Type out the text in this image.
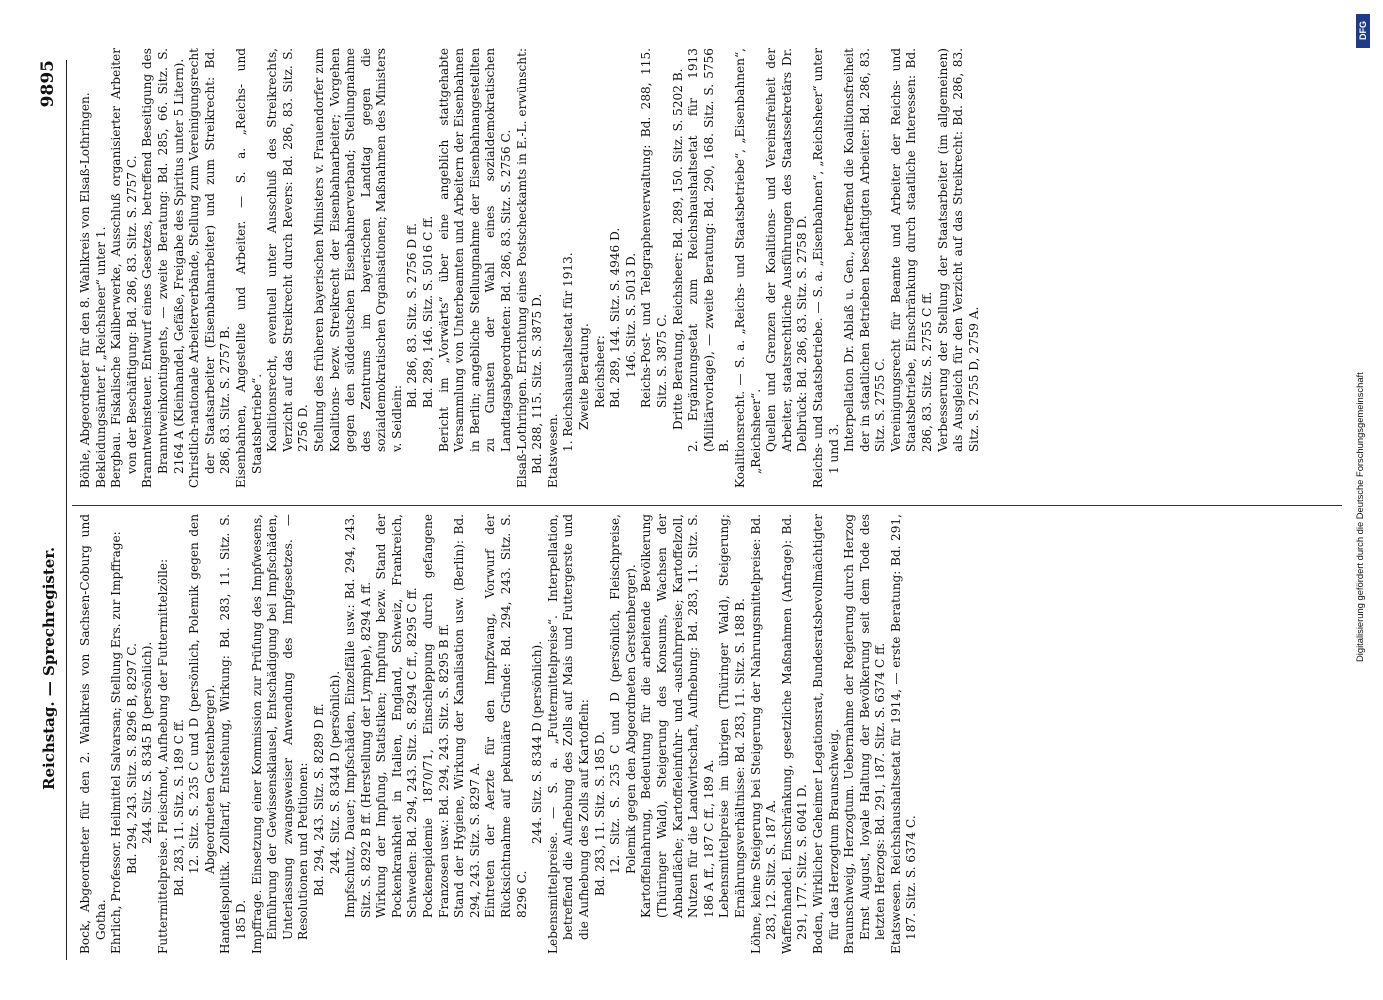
Reichstag. — Sprechregister.
9895

Bock, Abgeordneter für den 2. Wahlkreis von Sachsen-Coburg und Gotha. Ehrlich, Professor. Heilmittel Salvarsan; Stellung Ers. zur Impffrage: Bd. 294, 243. Sitz. S. 8296 B, 8297 C. 244. Sitz. S. 8345 B (persönlich). Futtermittelpreise. Fleischnot, Aufhebung der Futtermittelzölle: Bd. 283, 11. Sitz. S. 189 C ff. 12. Sitz. S. 235 C und D (persönlich, Polemik gegen den Abgeordneten Gerstenberger). Handelspolitik. Zolltarif, Entstehung, Wirkung: Bd. 283, 11. Sitz. S. 185 D. Impffrage. Einsetzung einer Kommission zur Prüfung des Impfwesens, Einführung der Gewissensklausel, Entschädigung bei Impfschäden, Unterlassung zwangsweiser Anwendung des Impfgesetzes. — Resolutionen und Petitionen: Bd. 294, 243. Sitz. S. 8289 D ff. 244. Sitz. S. 8344 D (persönlich). Impfschutz, Dauer; Impfschäden, Einzelfälle usw.: Bd. 294, 243. Sitz. S. 8292 B ff. (Herstellung der Lymphe), 8294 A ff. Wirkung der Impfung, Statistiken; Impfung bezw. Stand der Pockenkrankheit in Italien, England, Schweiz, Frankreich, Schweden: Bd. 294, 243. Sitz. S. 8294 C ff., 8295 C ff. Pockenepidemie 1870/71, Einschleppung durch gefangene Franzosen usw.: Bd. 294, 243. Sitz. S. 8295 B ff. Stand der Hygiene, Wirkung der Kanalisation usw. (Berlin): Bd. 294, 243. Sitz. S. 8297 A. Eintreten der Aerzte für den Impfzwang, Vorwurf der Rücksichtnahme auf pekuniäre Gründe: Bd. 294, 243. Sitz. S. 8296 C.

244. Sitz. S. 8344 D (persönlich). Lebensmittelpreise. — S. a. „Futtermittelpreise“. Interpellation, betreffend die Aufhebung des Zolls auf Mais und Futtergerste und die Aufhebung des Zolls auf Kartoffeln: Bd. 283, 11. Sitz. S. 185 D. 12. Sitz. S. 235 C und D (persönlich, Fleischpreise, Polemik gegen den Abgeordneten Gerstenberger). Kartoffelnahrung, Bedeutung für die arbeitende Bevölkerung (Thüringer Wald), Steigerung des Konsums, Wachsen der Anbaufläche; Kartoffeleinfuhr- und -ausfuhrpreise; Kartoffelzoll, Nutzen für die Landwirtschaft, Aufhebung: Bd. 283, 11. Sitz. S. 186 A ff., 187 C ff., 189 A. Lebensmittelpreise im übrigen (Thüringer Wald), Steigerung; Ernährungsverhältnisse: Bd. 283, 11. Sitz. S. 188 B. Löhne, keine Steigerung bei Steigerung der Nahrungsmittelpreise: Bd. 283, 12. Sitz. S. 187 A. Waffenhandel. Einschränkung, gesetzliche Maßnahmen (Anfrage): Bd. 291, 177. Sitz. S. 6041 D. Boden, Wirklicher Geheimer Legationsrat, Bundesratsbevollmächtigter für das Herzogtum Braunschweig. Braunschweig, Herzogtum. Uebernahme der Regierung durch Herzog Ernst August, loyale Haltung der Bevölkerung seit dem Tode des letzten Herzogs: Bd. 291, 187. Sitz. S. 6374 C ff. Etatswesen. Reichshaushaltsetat für 1914, — erste Beratung: Bd. 291, 187. Sitz. S. 6374 C.

Böhle, Abgeordneter für den 8. Wahlkreis von Elsaß-Lothringen. Bekleidungsämter f. „Reichsheer“ unter 1. Bergbau. Fiskalische Kaliberwerke, Ausschluß organisierter Arbeiter von der Beschäftigung: Bd. 286, 83. Sitz. S. 2757 C. Branntweinsteuer. Entwurf eines Gesetzes, betreffend Beseitigung des Branntweinkontingents, — zweite Beratung: Bd. 285, 66. Sitz. S. 2164 A (Kleinhandel, Gefäße, Freigabe des Spiritus unter 5 Litern). Christlich-nationale Arbeiterverbände, Stellung zum Vereinigungsrecht der Staatsarbeiter (Eisenbahnarbeiter) und zum Streikrecht: Bd. 286, 83. Sitz. S. 2757 B. Eisenbahnen, Angestellte und Arbeiter. — S. a. „Reichs- und Staatsbetriebe“. Koalitionsrecht, eventuell unter Ausschluß des Streikrechts, Verzicht auf das Streikrecht durch Revers: Bd. 286, 83. Sitz. S. 2756 D. Stellung des früheren bayerischen Ministers v. Frauendorfer zum Koalitions- bezw. Streikrecht der Eisenbahnarbeiter; Vorgehen gegen den süddeutschen Eisenbahnerverband; Stellungnahme des Zentrums im bayerischen Landtag gegen die sozialdemokratischen Organisationen; Maßnahmen des Ministers v. Seidlein:

Bd. 286, 83. Sitz. S. 2756 D ff. Bd. 289, 146. Sitz. S. 5016 C ff. Bericht im „Vorwärts“ über eine angeblich stattgehabte Versammlung von Unterbeamten und Arbeitern der Eisenbahnen in Berlin; angebliche Stellungnahme der Eisenbahnangestellten zu Gunsten der Wahl eines sozialdemokratischen Landtagsabgeordneten: Bd. 286, 83. Sitz. S. 2756 C. Elsaß-Lothringen. Errichtung eines Postscheckamts in E.-L. erwünscht: Bd. 288, 115. Sitz. S. 3875 D. Etatswesen. 1. Reichshaushaltsetat für 1913. Zweite Beratung. Reichsheer: Bd. 289, 144. Sitz. S. 4946 D. 146. Sitz. S. 5013 D. Reichs-Post- und Telegraphenverwaltung: Bd. 288, 115. Sitz. S. 3875 C. Dritte Beratung, Reichsheer: Bd. 289, 150. Sitz. S. 5202 B. 2. Ergänzungsetat zum Reichshaushaltsetat für 1913 (Militärvorlage), — zweite Beratung: Bd. 290, 168. Sitz. S. 5756 B. Koalitionsrecht. — S. a. „Reichs- und Staatsbetriebe“, „Eisenbahnen“, „Reichsheer“. Quellen und Grenzen der Koalitions- und Vereinsfreiheit der Arbeiter, staatsrechtliche Ausführungen des Staatssekretärs Dr. Delbrück: Bd. 286, 83. Sitz. S. 2758 D. Reichs- und Staatsbetriebe. — S. a. „Eisenbahnen“, „Reichsheer“ unter 1 und 3. Interpellation Dr. Ablaß u. Gen., betreffend die Koalitionsfreiheit der in staatlichen Betrieben beschäftigten Arbeiter: Bd. 286, 83. Sitz. S. 2755 C. Vereinigungsrecht für Beamte und Arbeiter der Reichs- und Staatsbetriebe, Einschränkung durch staatliche Interessen: Bd. 286, 83. Sitz. S. 2755 C ff. Verbesserung der Stellung der Staatsarbeiter (im allgemeinen) als Ausgleich für den Verzicht auf das Streikrecht: Bd. 286, 83. Sitz. S. 2755 D, 2759 A.

DFG
Digitalisierung gefördert durch die Deutsche Forschungsgemeinschaft
